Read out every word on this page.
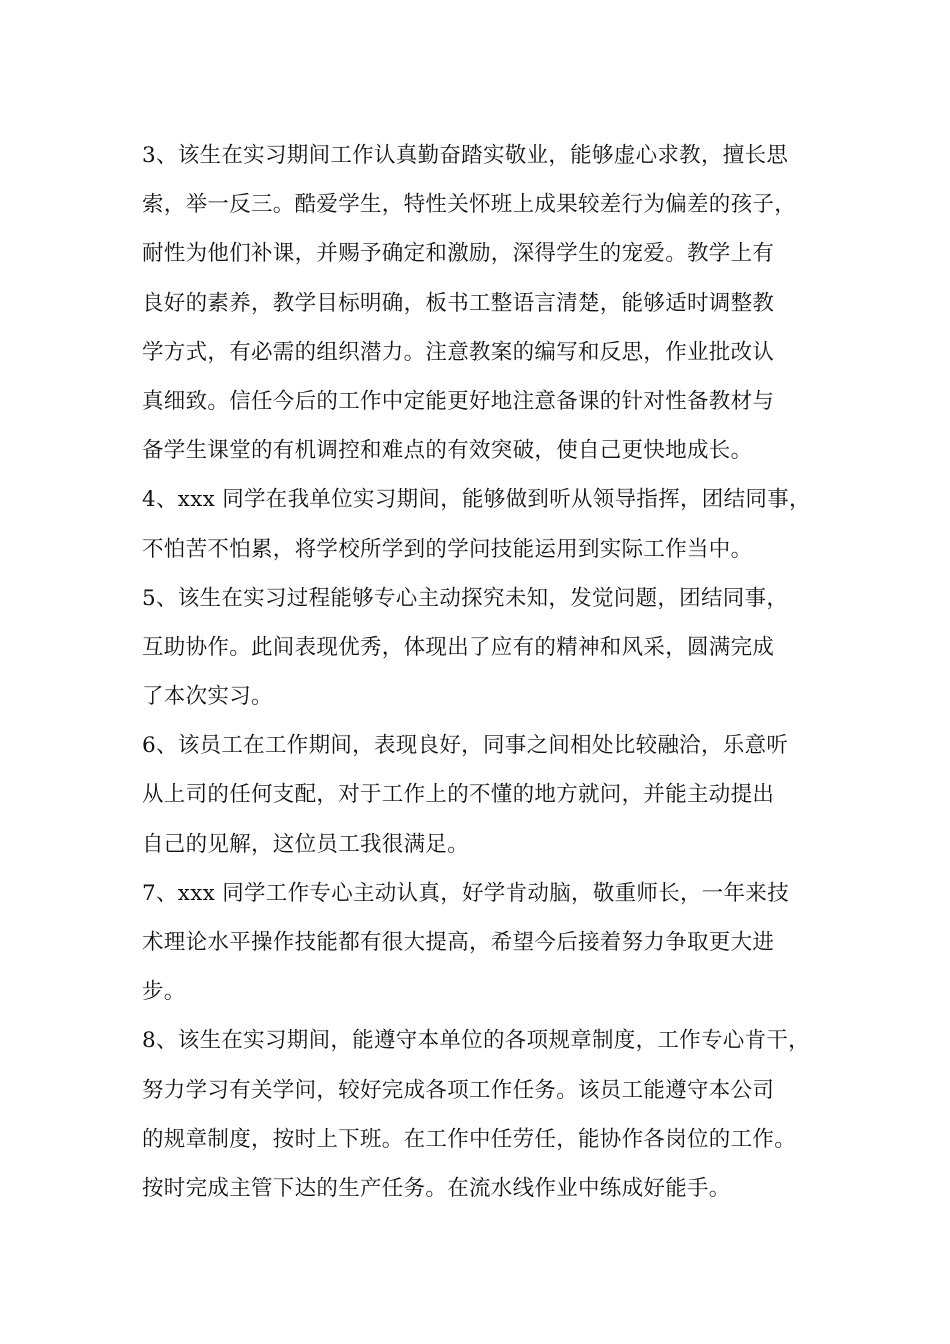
3、该生在实习期间工作认真勤奋踏实敬业，能够虚心求教，擅长思
索，举一反三。酷爱学生，特性关怀班上成果较差行为偏差的孩子，
耐性为他们补课，并赐予确定和激励，深得学生的宠爱。教学上有
良好的素养，教学目标明确，板书工整语言清楚，能够适时调整教
学方式，有必需的组织潜力。注意教案的编写和反思，作业批改认
真细致。信任今后的工作中定能更好地注意备课的针对性备教材与
备学生课堂的有机调控和难点的有效突破，使自己更快地成长。
4、xxx 同学在我单位实习期间，能够做到听从领导指挥，团结同事，
不怕苦不怕累，将学校所学到的学问技能运用到实际工作当中。
5、该生在实习过程能够专心主动探究未知，发觉问题，团结同事，
互助协作。此间表现优秀，体现出了应有的精神和风采，圆满完成
了本次实习。
6、该员工在工作期间，表现良好，同事之间相处比较融洽，乐意听
从上司的任何支配，对于工作上的不懂的地方就问，并能主动提出
自己的见解，这位员工我很满足。
7、xxx 同学工作专心主动认真，好学肯动脑，敬重师长，一年来技
术理论水平操作技能都有很大提高，希望今后接着努力争取更大进
步。
8、该生在实习期间，能遵守本单位的各项规章制度，工作专心肯干，
努力学习有关学问，较好完成各项工作任务。该员工能遵守本公司
的规章制度，按时上下班。在工作中任劳任，能协作各岗位的工作。
按时完成主管下达的生产任务。在流水线作业中练成好能手。
